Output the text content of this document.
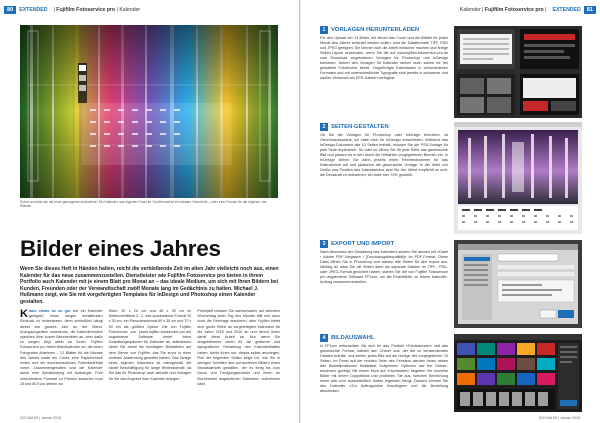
80	EXTENDED | Fujifilm Fotoservice pro | Kalender
Schon schöner als mit einer gelungenen Aufnahme: Ein Kalender aus eigenen Fotos im Großformat ist ein ideales Geschenk – oder eine Freude für die eigenen vier Wände.
Bilder eines Jahres
Wenn Sie dieses Heft in Händen halten, reicht die verbleibende Zeit im alten Jahr vielleicht noch aus, einen Kalender für das neue zusammenzustellen. Dienstleister wie Fujifilm Fotoservice pro bieten in ihrem Portfolio auch Kalender mit je einem Blatt pro Monat an – das ideale Medium, um sich mit Ihren Bildern bei Kunden, Freunden oder der Verwandtschaft zwölf Monate lang im Gedächtnis zu halten. Michael J. Hußmann zeigt, wie Sie mit vorgefertigten Templates für InDesign und Photoshop einen Kalender gestalten.
Kaum etwas ist so gut wie ein Kalender geeignet, einen langen anhaltenden Eindruck zu hinterlassen, denn schließlich hängt dieser am ganzes Jahr an der Wand. Anzugsorganisch zusehends, die Kalendermotive speichen über kurzer Beschenkten an, aber dafür zu sorgen liegt allein an Ihnen. Fujifilm Fotoservice pro bietet Wandkalender an, die einen Fotografen Anlehnen – 12 Blätter für die Monate des Jahres sowie ein Cover, eine Papierlichkeit hinten und ein durchschauliches Folienkkdeblatt vorne. Zusammengehalten wird der Kalender durch eine Spiralbindung mit Aufhänger. Fünf verschiedene Formate zu Preisen zwischen rund 15 und 80 Euro stehen zur
Wahl: 30 x 20 cm und 45 x 30 cm im Seitenverhältnis 3 : 2, das quadratische Format 30 x 30 cm, ein Panoramaformat 60 x 30 cm und 70 x 50 cm als größtes Option. Die von Fujifilm Fotoservice pro (www.fujifilm-fotoservice-pro.de) angebotene Software bietet keine Gestaltungsoptionen für Kalender an; stattdessen bietet Sie damit die benötigten Bilddateien auf dem Server von Fujifilm, das Sie zuvor in einer anderen Anwendung gestaltet haben. Das Design eines eigenen Kalenders ist naturgemäß die ideale Beschäftigung für lange Winterabende, da Sie das für Photoshop nach aktuelle und Vorlagen für Sie das Angebot Ihrer Kalender anlegen.
Prinzipiell müssen Sie nachschauen, auf welchem Wochentag jeder Tag des Monats fällt und dazu noch die Feiertage markieren, aber Fujifilm bietet eine große Reihe an vorgefertigten Kalendern für die Jahre 2015 und 2016 an und nimmt Ihnen damit diese Arbeit ab. Nur wenn Sie ausgefallenere Ideen für die grafische und typografische Gestaltung des Kalenderblattes haben, bleibt Ihnen nur, dieses selbst anzulegen. Roll der folgenden Seiten zeige ich, wie Sie in wenigen Schritten aus vorhandenen Bildern einen Wandkalender gestalten, der es fertig bis zum Druck und Fertigungsprodukt und Ihnen an Buchhandel angebotenen Kalendern aufnehmen kann.
DOCMA 65 | Januar 2015
Kalender | Fujifilm Fotoservice pro | EXTENDED	81
1 VORLAGEN HERUNTERLADEN
Für den Upload der 13 Bilder, mit denen das Cover und die Blätter für jeden Monat des Jahres belichtet werden sollen, sind die Dateiformate TIFF, PSD und JPEG geeignet. Sie können sich die Arbeit einfacher machen und fertige Seiten-Layout verwenden, wenn Sie die auf www.fujifilm-fotoservice-pro.de zum Download angebotenen Vorlagen für Photoshop und InDesign benutzen. Neben den Vorlagen für Kalender stehen auch solche für frei gestaltete Fotobücher bereit. Vorgefertigte Kalendarien in verschiedenen Formaten und mit unterschiedlicher Typografie sind jeweils in schwarzer und weißer Versionen als EPS-Dateien verfügbar.
2 SEITEN GESTALTEN
Ob Sie die Vorlagen für Photoshop oder InDesign benutzen, ist Geschmackssache; ich habe mich für InDesign entschieden. Während das InDesign-Dokument alle 13 Seiten enthält, müssen Sie die PSD-Vorlage für jede Seite duplizieren. So oder so öffnen Sie für jede Seite das gewünschte Bild und passen es in den durch die Hilfslinien vorgegebenen Bereich ein. In InDesign ziehen Sie dann jeweils einen Rechteckrahmen für das Kalendarium auf und platzieren die gewünschte Vorlage. In der Wahl von Größe und Position des Kalendariums sind Sie frei. Meist empfiehlt es sich, die Deckkraft zu reduzieren; ich habe hier 70% gewählt.
3 EXPORT UND IMPORT
Nach Abschluss der Gestaltung des Kalenders sichern Sie dessen mit »Datei › Adobe PDF-Vorgaben › [Druckausgabequalität]« im PDF-Format. Diese Datei öffnen Sie in Photoshop und wählen alle Seiten für den Import aus. Wichtig ist, dass Sie die Seiten dann als separate Dateien im TIFF-, PSD- oder JPEG-Format gesichert haben, starten Sie die von Fujifilm Fotoservice pro angebotene Software FF1pro, um die Einzelbilder zu einem Kalender-Auftrag zusammenzustellen.
4 BILDAUSWAHL
In FF1pro entscheiden Sie sich für das Produkt »Fotokalender« und das gewünschte Format, wählen den Ordner aus, der die zu verwendenden Dateien enthält, und ziehen jedes Bild auf die richtige der vorgegebenen 13 Seiten. Im Panel auf der rechten Seite des Fensters werden Ihnen neben den Bestellpositionen Bestellset Softpreisen Optionen wie bei Ordner-einzelnen gezeigt. Mit einem Klick auf »Hochladen« begeben Sie einzelne Bilder mit einem Doppelklick und probieren Sie aus, welchen Bereichung Innen das vorn ausschließlich Seiten legenden bringt. Danach können Sie den Kalender »Zur Auftragsreise hinzufügen« und die Bestellung abschicken.
DOCMA 65 | Januar 2015
